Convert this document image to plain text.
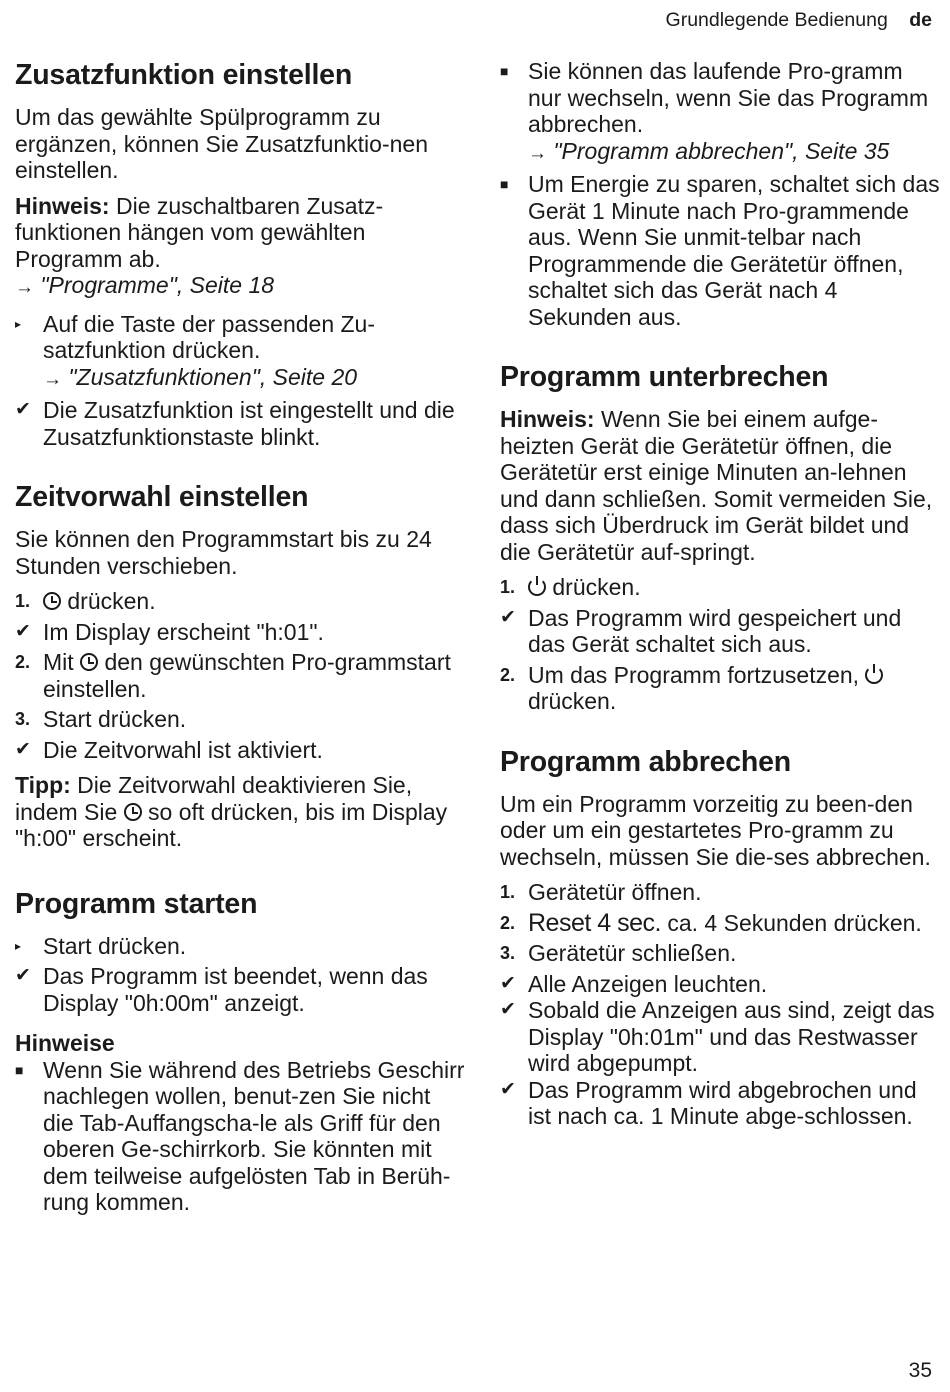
Grundlegende Bedienung de
Zusatzfunktion einstellen

Um das gewählte Spülprogramm zu ergänzen, können Sie Zusatzfunktio-nen einstellen.

Hinweis: Die zuschaltbaren Zusatz-funktionen hängen vom gewählten Programm ab.
→ "Programme", Seite 18

▸ Auf die Taste der passenden Zu-satzfunktion drücken.
→ "Zusatzfunktionen", Seite 20
✔ Die Zusatzfunktion ist eingestellt und die Zusatzfunktionstaste blinkt.
Zeitvorwahl einstellen

Sie können den Programmstart bis zu 24 Stunden verschieben.

1.	drücken.
✔ Im Display erscheint "h:01".
2. Mit  den gewünschten Pro-grammstart einstellen.
3. Start drücken.
✔ Die Zeitvorwahl ist aktiviert.

Tipp: Die Zeitvorwahl deaktivieren Sie, indem Sie  so oft drücken, bis im Display "h:00" erscheint.

Programm starten
▸ Start drücken.
✔ Das Programm ist beendet, wenn das Display "0h:00m" anzeigt.
Hinweise
■ Wenn Sie während des Betriebs Geschirr nachlegen wollen, benut-zen Sie nicht die Tab-Auffangscha-le als Griff für den oberen Ge-schirrkorb. Sie könnten mit dem teilweise aufgelösten Tab in Berüh-rung kommen.
■ Sie können das laufende Pro-gramm nur wechseln, wenn Sie das Programm abbrechen.
→ "Programm abbrechen", Seite 35
■ Um Energie zu sparen, schaltet sich das Gerät 1 Minute nach Pro-grammende aus. Wenn Sie unmit-telbar nach Programmende die Gerätetür öffnen, schaltet sich das Gerät nach 4 Sekunden aus.
Programm unterbrechen

Hinweis: Wenn Sie bei einem aufge-heizten Gerät die Gerätetür öffnen, die Gerätetür erst einige Minuten an-lehnen und dann schließen. Somit vermeiden Sie, dass sich Überdruck im Gerät bildet und die Gerätetür auf-springt.

1.	drücken.
✔ Das Programm wird gespeichert und das Gerät schaltet sich aus.
2. Um das Programm fortzusetzen,
drücken.
Programm abbrechen

Um ein Programm vorzeitig zu been-den oder um ein gestartetes Pro-gramm zu wechseln, müssen Sie die-ses abbrechen.

1. Gerätetür öffnen.
2. Reset 4 sec. ca. 4 Sekunden drücken.
3. Gerätetür schließen.
✔ Alle Anzeigen leuchten.
✔ Sobald die Anzeigen aus sind, zeigt das Display "0h:01m" und das Restwasser wird abgepumpt.
✔ Das Programm wird abgebrochen und ist nach ca. 1 Minute abge-schlossen.
35
